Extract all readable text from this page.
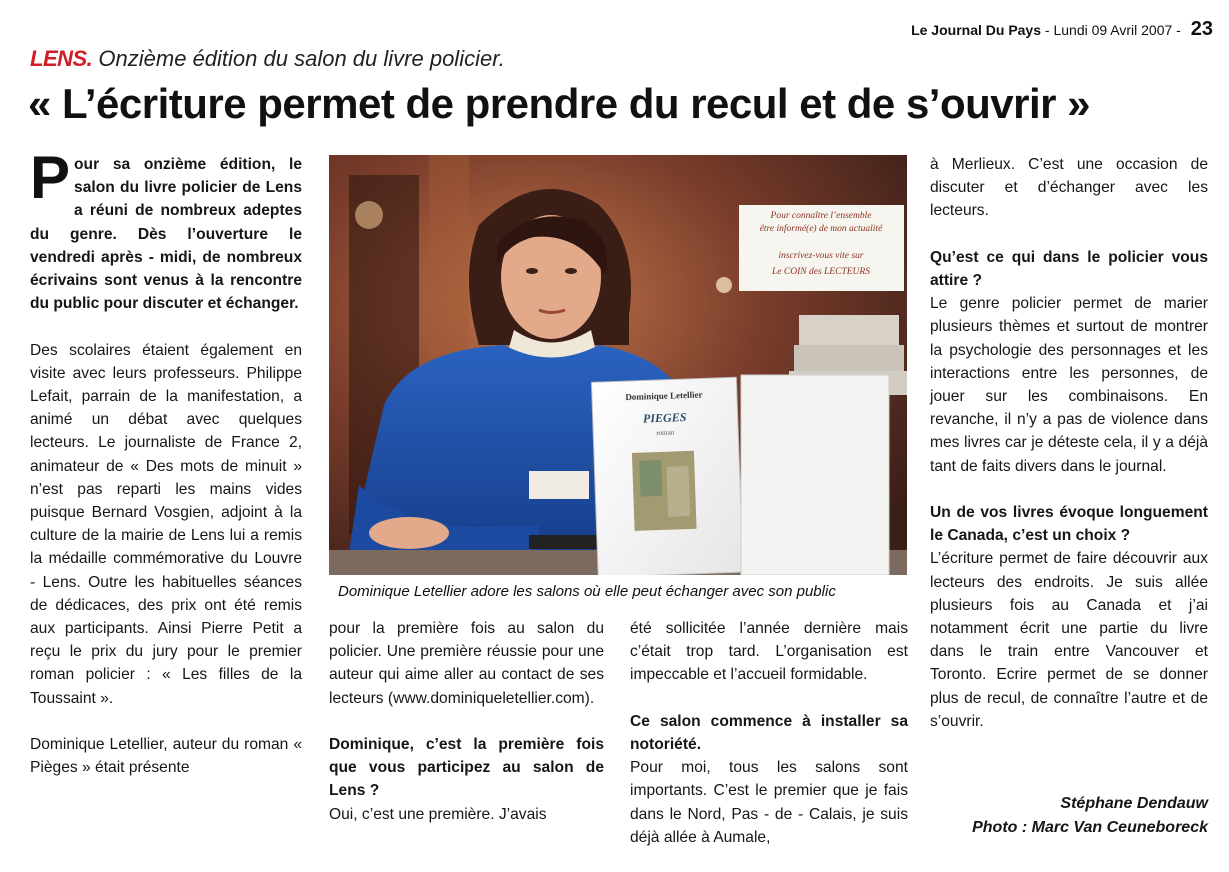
Le Journal Du Pays - Lundi 09 Avril 2007 - 23
LENS. Onzième édition du salon du livre policier.
« L’écriture permet de prendre du recul et de s’ouvrir »

Pour sa onzième édition, le salon du livre policier de Lens a réuni de nombreux adeptes du genre. Dès l’ouverture le vendredi après - midi, de nombreux écrivains sont venus à la rencontre du public pour discuter et échanger.

Des scolaires étaient également en visite avec leurs professeurs. Philippe Lefait, parrain de la manifestation, a animé un débat avec quelques lecteurs. Le journaliste de France 2, animateur de « Des mots de minuit » n’est pas reparti les mains vides puisque Bernard Vosgien, adjoint à la culture de la mairie de Lens lui a remis la médaille commémorative du Louvre - Lens. Outre les habituelles séances de dédicaces, des prix ont été remis aux participants. Ainsi Pierre Petit a reçu le prix du jury pour le premier roman policier : « Les filles de la Toussaint ».

Dominique Letellier, auteur du roman « Pièges » était présente

Pour connaître l’ensemble
être informé(e) de mon actualité
inscrivez-vous vite sur
Le COIN des LECTEURS
Dominique Letellier
PIEGES
roman
Dominique Letellier adore les salons où elle peut échanger avec son public

pour la première fois au salon du policier. Une première réussie pour une auteur qui aime aller au contact de ses lecteurs (www.dominiqueletellier.com).

Dominique, c’est la première fois que vous participez au salon de Lens ?
Oui, c’est une première. J’avais

été sollicitée l’année dernière mais c’était trop tard. L’organisation est impeccable et l’accueil formidable.

Ce salon commence à installer sa notoriété.
Pour moi, tous les salons sont importants. C’est le premier que je fais dans le Nord, Pas - de - Calais, je suis déjà allée à Aumale,

à Merlieux. C’est une occasion de discuter et d’échanger avec les lecteurs.

Qu’est ce qui dans le policier vous attire ?
Le genre policier permet de marier plusieurs thèmes et surtout de montrer la psychologie des personnages et les interactions entre les personnes, de jouer sur les combinaisons. En revanche, il n’y a pas de violence dans mes livres car je déteste cela, il y a déjà tant de faits divers dans le journal.

Un de vos livres évoque longuement le Canada, c’est un choix ?
L’écriture permet de faire découvrir aux lecteurs des endroits. Je suis allée plusieurs fois au Canada et j’ai notamment écrit une partie du livre dans le train entre Vancouver et Toronto. Ecrire permet de se donner plus de recul, de connaître l’autre et de s’ouvrir.

Stéphane Dendauw
Photo : Marc Van Ceuneboreck
